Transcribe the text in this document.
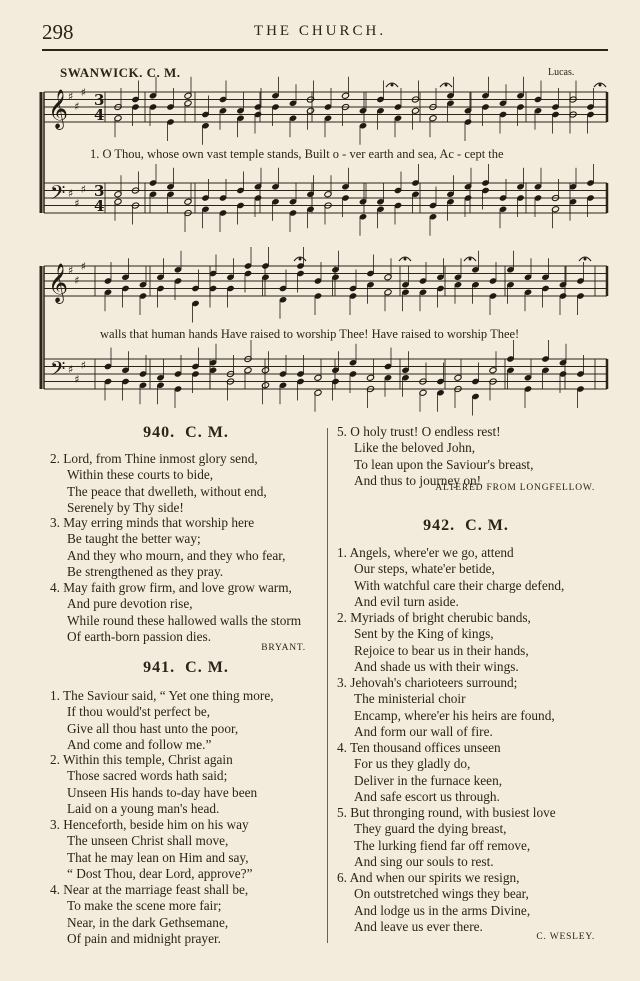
298	THE CHURCH.
SWANWICK. C. M.	Lucas.
𝄞
𝄢
♯
♯
♯
♯
♯
♯
3
4
3
4
𝄞
𝄢
♯
♯
♯
♯
♯
♯
1. O Thou, whose own vast temple stands, Built o - ver earth and sea, Ac - cept the
walls that human hands Have raised to worship Thee! Have raised to worship Thee!
940. C. M.
2. Lord, from Thine inmost glory send,
Within these courts to bide,
The peace that dwelleth, without end,
Serenely by Thy side!
3. May erring minds that worship here
Be taught the better way;
And they who mourn, and they who fear,
Be strengthened as they pray.
4. May faith grow firm, and love grow warm,
And pure devotion rise,
While round these hallowed walls the storm
Of earth-born passion dies.
BRYANT.
941. C. M.
1. The Saviour said, “ Yet one thing more,
If thou would'st perfect be,
Give all thou hast unto the poor,
And come and follow me.”
2. Within this temple, Christ again
Those sacred words hath said;
Unseen His hands to-day have been
Laid on a young man's head.
3. Henceforth, beside him on his way
The unseen Christ shall move,
That he may lean on Him and say,
“ Dost Thou, dear Lord, approve?”
4. Near at the marriage feast shall be,
To make the scene more fair;
Near, in the dark Gethsemane,
Of pain and midnight prayer.
5. O holy trust! O endless rest!
Like the beloved John,
To lean upon the Saviour's breast,
And thus to journey on!
ALTERED FROM LONGFELLOW.
942. C. M.
1. Angels, where'er we go, attend
Our steps, whate'er betide,
With watchful care their charge defend,
And evil turn aside.
2. Myriads of bright cherubic bands,
Sent by the King of kings,
Rejoice to bear us in their hands,
And shade us with their wings.
3. Jehovah's charioteers surround;
The ministerial choir
Encamp, where'er his heirs are found,
And form our wall of fire.
4. Ten thousand offices unseen
For us they gladly do,
Deliver in the furnace keen,
And safe escort us through.
5. But thronging round, with busiest love
They guard the dying breast,
The lurking fiend far off remove,
And sing our souls to rest.
6. And when our spirits we resign,
On outstretched wings they bear,
And lodge us in the arms Divine,
And leave us ever there.
C. WESLEY.
